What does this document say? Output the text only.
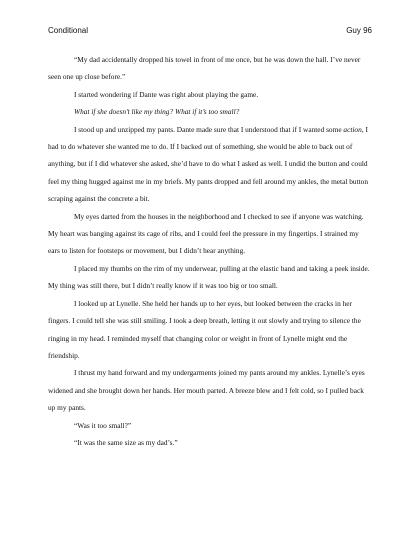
Conditional	Guy 96

“My dad accidentally dropped his towel in front of me once, but he was down the hall. I’ve never seen one up close before.”

I started wondering if Dante was right about playing the game.

What if she doesn’t like my thing? What if it’s too small?

I stood up and unzipped my pants. Dante made sure that I understood that if I wanted some action, I had to do whatever she wanted me to do. If I backed out of something, she would be able to back out of anything, but if I did whatever she asked, she’d have to do what I asked as well. I undid the button and could feel my thing hugged against me in my briefs. My pants dropped and fell around my ankles, the metal button scraping against the concrete a bit.

My eyes darted from the houses in the neighborhood and I checked to see if anyone was watching. My heart was banging against its cage of ribs, and I could feel the pressure in my fingertips. I strained my ears to listen for footsteps or movement, but I didn’t hear anything.

I placed my thumbs on the rim of my underwear, pulling at the elastic band and taking a peek inside. My thing was still there, but I didn’t really know if it was too big or too small.

I looked up at Lynelle. She held her hands up to her eyes, but looked between the cracks in her fingers. I could tell she was still smiling. I took a deep breath, letting it out slowly and trying to silence the ringing in my head. I reminded myself that changing color or weight in front of Lynelle might end the friendship.

I thrust my hand forward and my undergarments joined my pants around my ankles. Lynelle’s eyes widened and she brought down her hands. Her mouth parted. A breeze blew and I felt cold, so I pulled back up my pants.

“Was it too small?”

“It was the same size as my dad’s.”
